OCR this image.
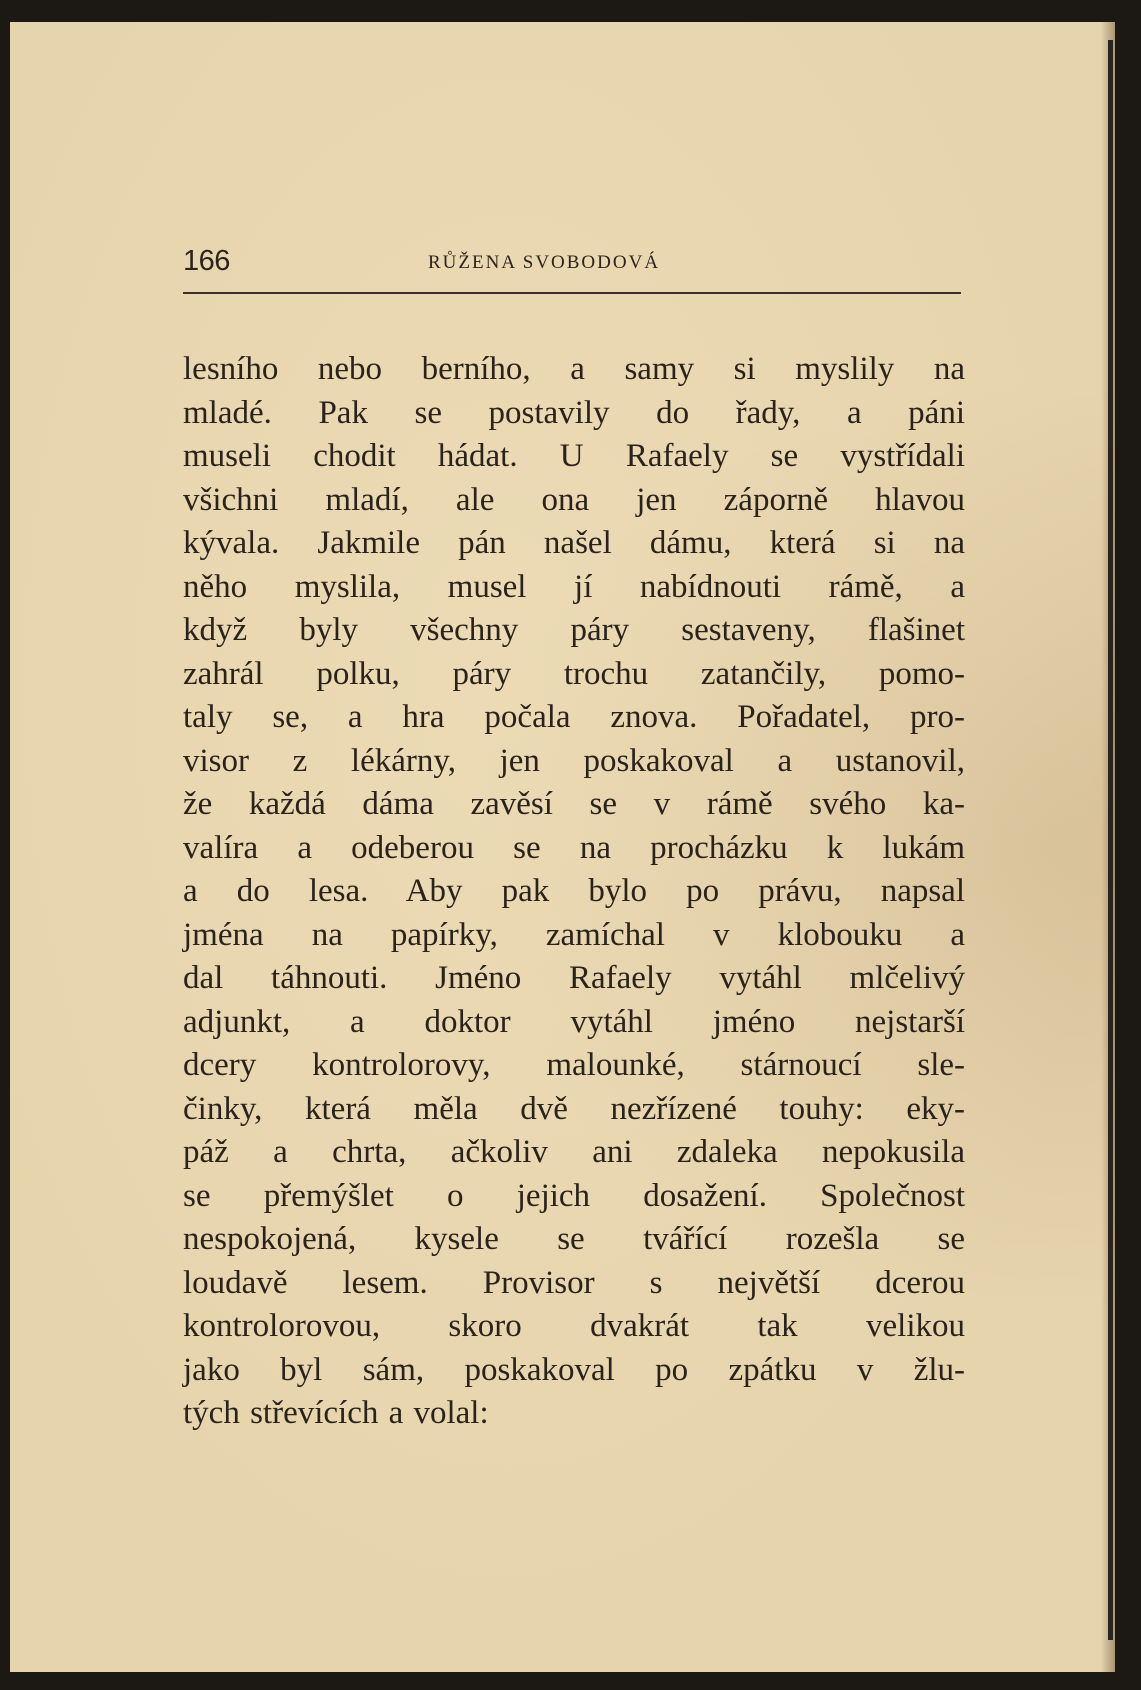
166	RŮŽENA SVOBODOVÁ
lesního nebo berního, a samy si myslily na
mladé. Pak se postavily do řady, a páni
museli chodit hádat. U Rafaely se vystřídali
všichni mladí, ale ona jen záporně hlavou
kývala. Jakmile pán našel dámu, která si na
něho myslila, musel jí nabídnouti rámě, a
když byly všechny páry sestaveny, flašinet
zahrál polku, páry trochu zatančily, pomo-
taly se, a hra počala znova. Pořadatel, pro-
visor z lékárny, jen poskakoval a ustanovil,
že každá dáma zavěsí se v rámě svého ka-
valíra a odeberou se na procházku k lukám
a do lesa. Aby pak bylo po právu, napsal
jména na papírky, zamíchal v klobouku a
dal táhnouti. Jméno Rafaely vytáhl mlčelivý
adjunkt, a doktor vytáhl jméno nejstarší
dcery kontrolorovy, malounké, stárnoucí sle-
činky, která měla dvě nezřízené touhy: eky-
páž a chrta, ačkoliv ani zdaleka nepokusila
se přemýšlet o jejich dosažení. Společnost
nespokojená, kysele se tvářící rozešla se
loudavě lesem. Provisor s největší dcerou
kontrolorovou, skoro dvakrát tak velikou
jako byl sám, poskakoval po zpátku v žlu-
tých střevících a volal:
